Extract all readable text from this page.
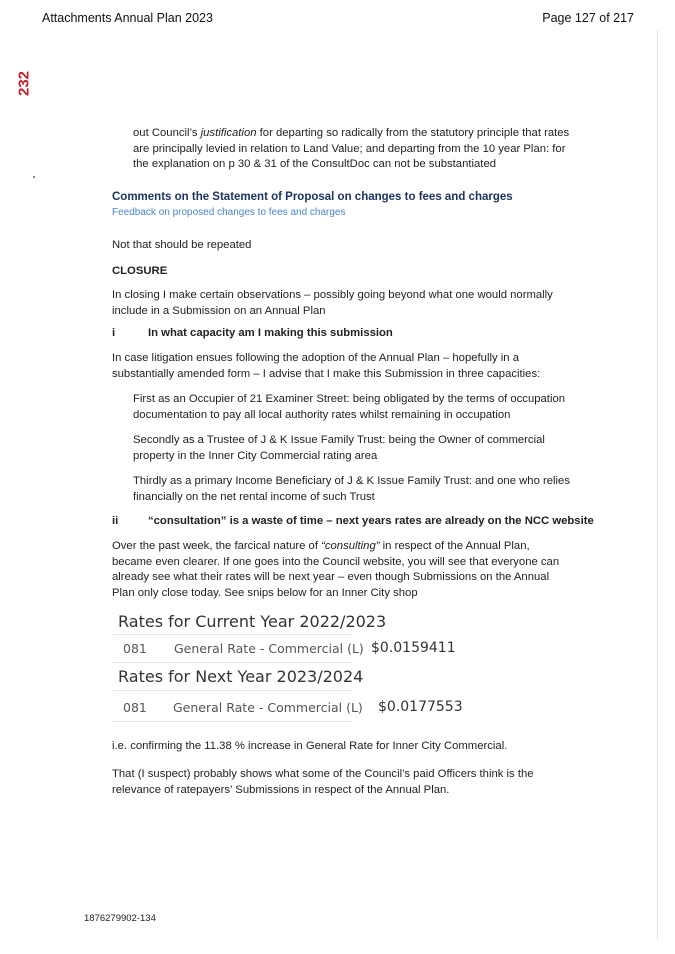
Attachments Annual Plan 2023	Page 127 of 217
232
out Council’s justification for departing so radically from the statutory principle that rates are principally levied in relation to Land Value; and departing from the 10 year Plan: for the explanation on p 30 & 31 of the ConsultDoc can not be substantiated
Comments on the Statement of Proposal on changes to fees and charges
Feedback on proposed changes to fees and charges
Not that should be repeated
CLOSURE
In closing I make certain observations – possibly going beyond what one would normally include in a Submission on an Annual Plan
i	In what capacity am I making this submission
In case litigation ensues following the adoption of the Annual Plan – hopefully in a substantially amended form – I advise that I make this Submission in three capacities:
First as an Occupier of 21 Examiner Street: being obligated by the terms of occupation documentation to pay all local authority rates whilst remaining in occupation
Secondly as a Trustee of J & K Issue Family Trust: being the Owner of commercial property in the Inner City Commercial rating area
Thirdly as a primary Income Beneficiary of J & K Issue Family Trust: and one who relies financially on the net rental income of such Trust
ii	“consultation” is a waste of time – next years rates are already on the NCC website
Over the past week, the farcical nature of “consulting” in respect of the Annual Plan, became even clearer. If one goes into the Council website, you will see that everyone can already see what their rates will be next year – even though Submissions on the Annual Plan only close today. See snips below for an Inner City shop
Rates for Current Year 2022/2023
081 General Rate - Commercial (L) $0.0159411
Rates for Next Year 2023/2024
081 General Rate - Commercial (L) $0.0177553
i.e. confirming the 11.38 % increase in General Rate for Inner City Commercial.
That (I suspect) probably shows what some of the Council’s paid Officers think is the relevance of ratepayers’ Submissions in respect of the Annual Plan.
1876279902-134
